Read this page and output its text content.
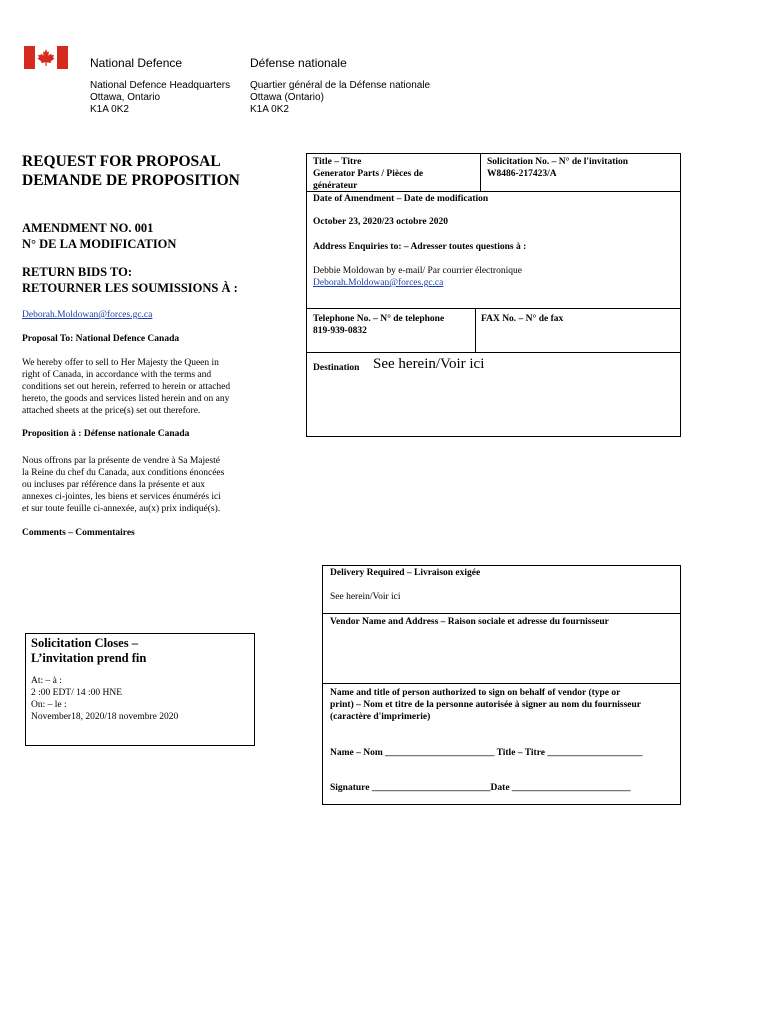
National Defence	Défense nationale
National Defence Headquarters
Ottawa, Ontario
K1A 0K2
Quartier général de la Défense nationale
Ottawa (Ontario)
K1A 0K2
REQUEST FOR PROPOSAL
DEMANDE DE PROPOSITION
AMENDMENT NO. 001
N° DE LA MODIFICATION
RETURN BIDS TO:
RETOURNER LES SOUMISSIONS À :
Deborah.Moldowan@forces.gc.ca
Proposal To: National Defence Canada
We hereby offer to sell to Her Majesty the Queen in
right of Canada, in accordance with the terms and
conditions set out herein, referred to herein or attached
hereto, the goods and services listed herein and on any
attached sheets at the price(s) set out therefore.
Proposition à : Défense nationale Canada
Nous offrons par la présente de vendre à Sa Majesté
la Reine du chef du Canada, aux conditions énoncées
ou incluses par référence dans la présente et aux
annexes ci-jointes, les biens et services énumérés ici
et sur toute feuille ci-annexée, au(x) prix indiqué(s).
Comments – Commentaires
Title – Titre
Generator Parts / Pièces de
générateur
Solicitation No. – N° de l'invitation
W8486-217423/A
Date of Amendment – Date de modification
October 23, 2020/23 octobre 2020
Address Enquiries to: – Adresser toutes questions à :
Debbie Moldowan by e-mail/ Par courrier électronique
Deborah.Moldowan@forces.gc.ca
Telephone No. – N° de telephone
819-939-0832
FAX No. – N° de fax
Destination See herein/Voir ici
Solicitation Closes –
L’invitation prend fin
At: – à :
2 :00 EDT/ 14 :00 HNE
On: – le :
November18, 2020/18 novembre 2020
Delivery Required – Livraison exigée
See herein/Voir ici
Vendor Name and Address – Raison sociale et adresse du fournisseur
Name and title of person authorized to sign on behalf of vendor (type or
print) – Nom et titre de la personne autorisée à signer au nom du fournisseur
(caractère d'imprimerie)
Name – Nom _______________________ Title – Titre ____________________
Signature _________________________Date _________________________
